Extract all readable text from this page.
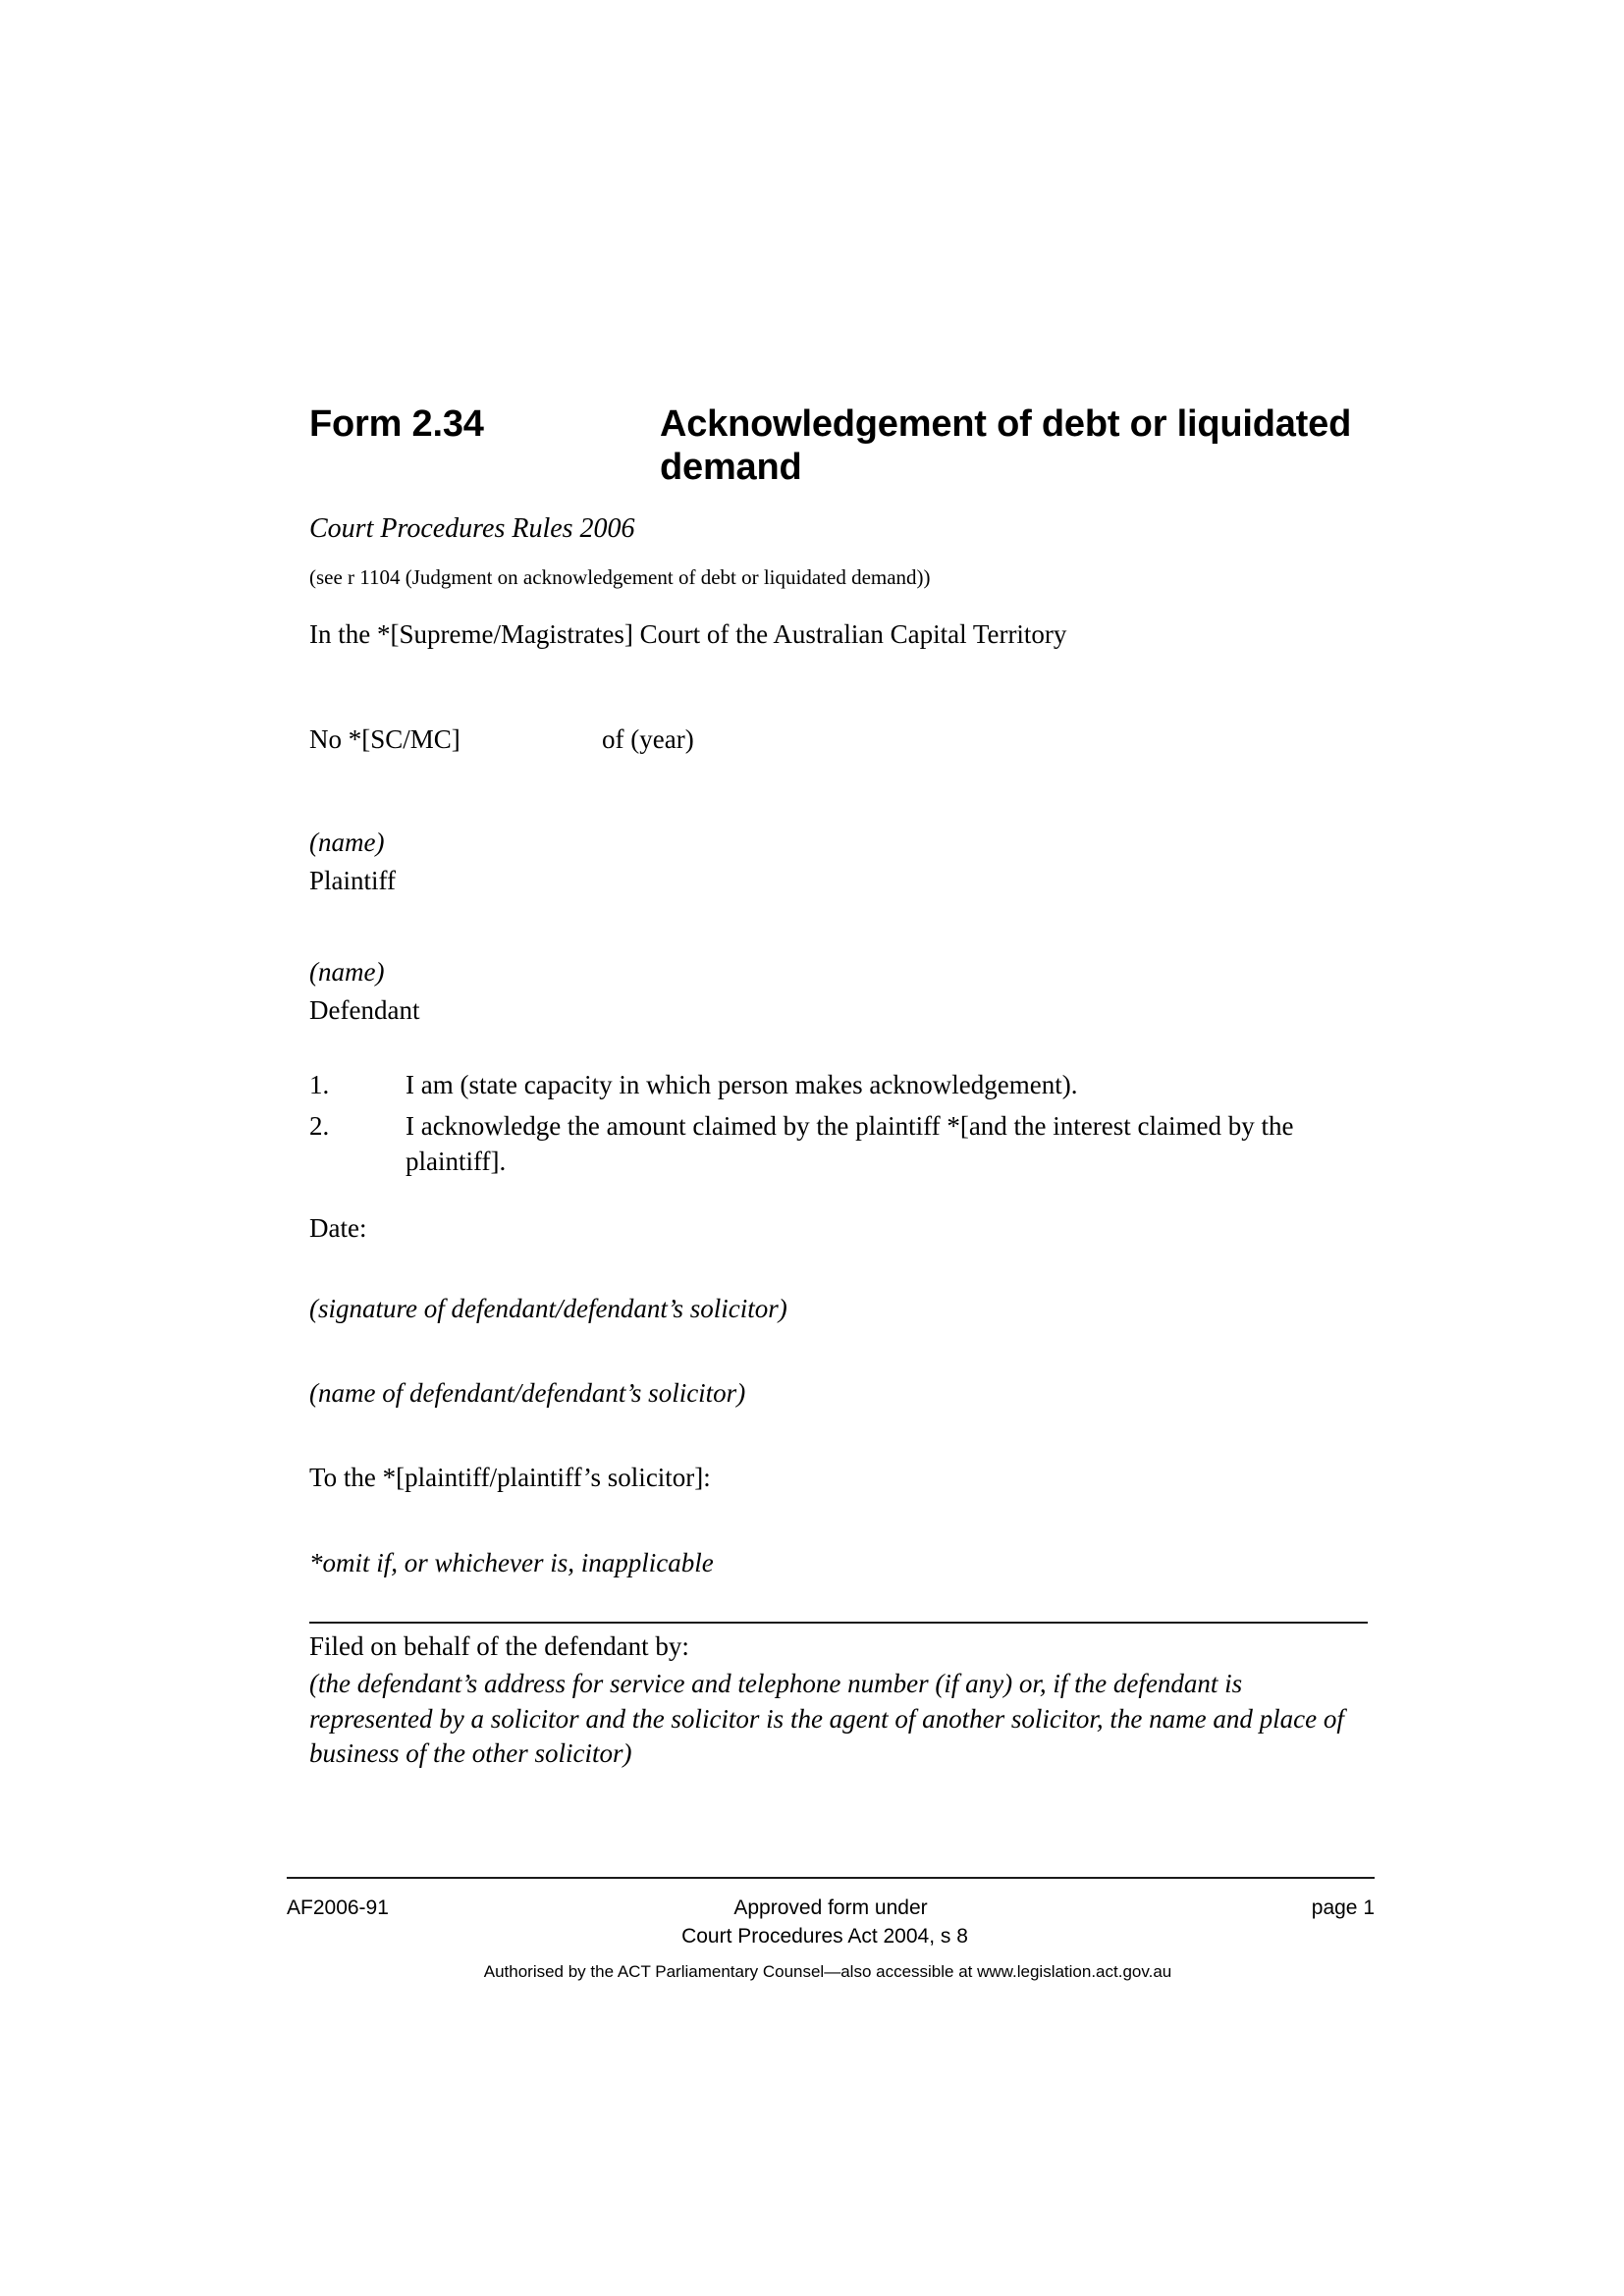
Form 2.34	Acknowledgement of debt or liquidated demand
Court Procedures Rules 2006
(see r 1104 (Judgment on acknowledgement of debt or liquidated demand))
In the *[Supreme/Magistrates] Court of the Australian Capital Territory
No *[SC/MC]	of (year)
(name)
Plaintiff
(name)
Defendant
1.	I am (state capacity in which person makes acknowledgement).
2.	I acknowledge the amount claimed by the plaintiff *[and the interest claimed by the plaintiff].
Date:
(signature of defendant/defendant’s solicitor)
(name of defendant/defendant’s solicitor)
To the *[plaintiff/plaintiff’s solicitor]:
*omit if, or whichever is, inapplicable
Filed on behalf of the defendant by:
(the defendant’s address for service and telephone number (if any) or, if the defendant is represented by a solicitor and the solicitor is the agent of another solicitor, the name and place of business of the other solicitor)
AF2006-91	Approved form under	page 1
Court Procedures Act 2004, s 8
Authorised by the ACT Parliamentary Counsel—also accessible at www.legislation.act.gov.au
